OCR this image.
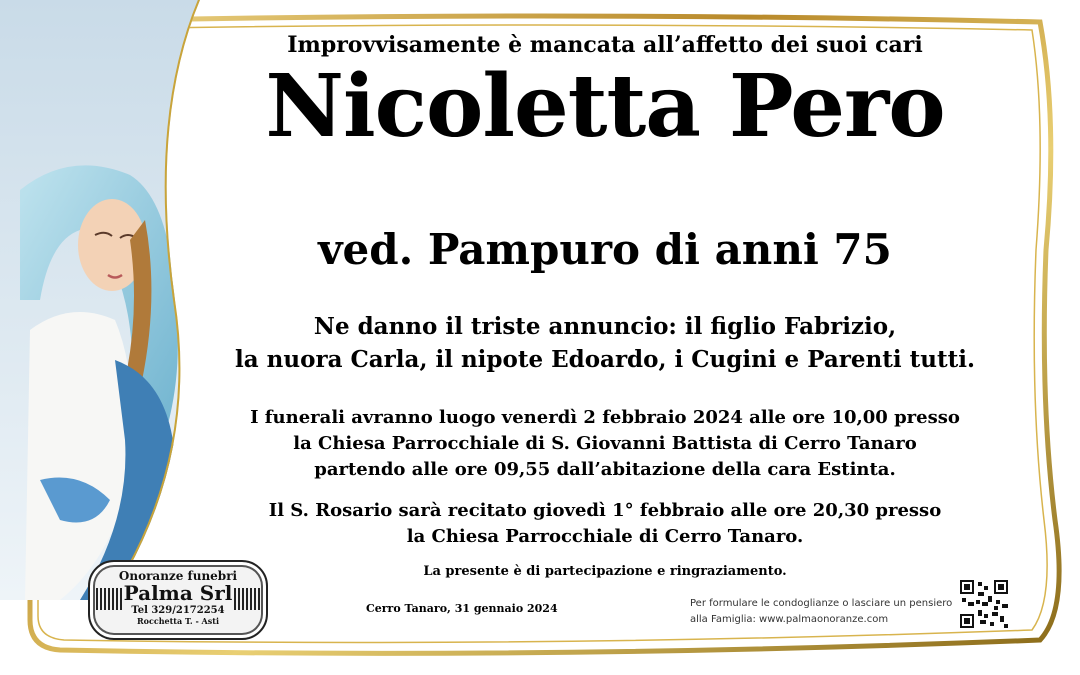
Improvvisamente è mancata all’affetto dei suoi cari
Nicoletta Pero
ved. Pampuro di anni 75
Ne danno il triste annuncio: il figlio Fabrizio,
la nuora Carla, il nipote Edoardo, i Cugini e Parenti tutti.
I funerali avranno luogo venerdì 2 febbraio 2024 alle ore 10,00 presso
la Chiesa Parrocchiale di S. Giovanni Battista di Cerro Tanaro
partendo alle ore 09,55 dall’abitazione della cara Estinta.
Il S. Rosario sarà recitato giovedì 1° febbraio alle ore 20,30 presso
la Chiesa Parrocchiale di Cerro Tanaro.
La presente è di partecipazione e ringraziamento.
Cerro Tanaro, 31 gennaio 2024	Per formulare le condoglianze o lasciare un pensiero
alla Famiglia: www.palmaonoranze.com
Onoranze funebri
Palma Srl
Tel 329/2172254
Rocchetta T. - Asti
